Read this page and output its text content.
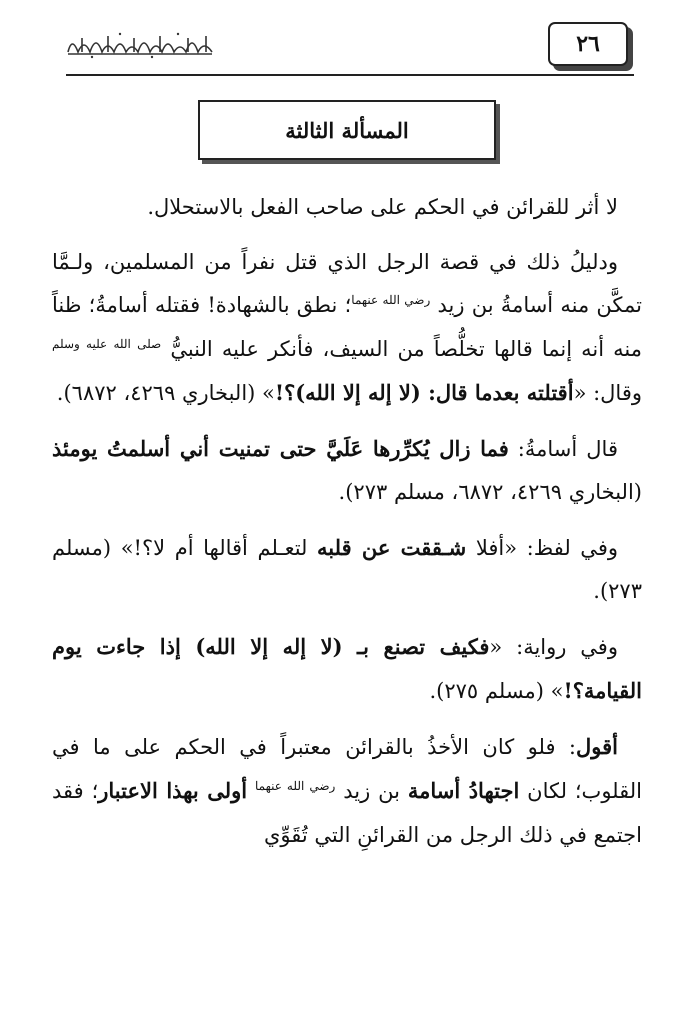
٢٦
المسألة الثالثة

لا أثر للقرائن في الحكم على صاحب الفعل بالاستحلال.

ودليلُ ذلك في قصة الرجل الذي قتل نفراً من المسلمين، ولـمَّا تمكَّن منه أسامةُ بن زيد $^{رضي الله عنهما}$؛ نطق بالشهادة! فقتله أسامةُ؛ ظناً منه أنه إنما قالها تخلُّصاً من السيف، فأنكر عليه النبيُّ $^{صلى الله عليه وسلم}$ وقال: «أقتلته بعدما قال: (لا إله إلا الله)؟!» (البخاري ٤٢٦٩، ٦٨٧٢).

قال أسامةُ: فما زال يُكرِّرها عَلَيَّ حتى تمنيت أني أسلمتُ يومئذ (البخاري ٤٢٦٩، ٦٨٧٢، مسلم ٢٧٣).

وفي لفظ: «أفلا شـققت عن قلبه لتعـلم أقالها أم لا؟!» (مسلم ٢٧٣).

وفي رواية: «فكيف تصنع بـ (لا إله إلا الله) إذا جاءت يوم القيامة؟!» (مسلم ٢٧٥).

أقول: فلو كان الأخذُ بالقرائن معتبراً في الحكم على ما في القلوب؛ لكان اجتهادُ أسامة بن زيد $^{رضي الله عنهما}$ أولى بهذا الاعتبار؛ فقد اجتمع في ذلك الرجل من القرائنِ التي تُقَوِّي
